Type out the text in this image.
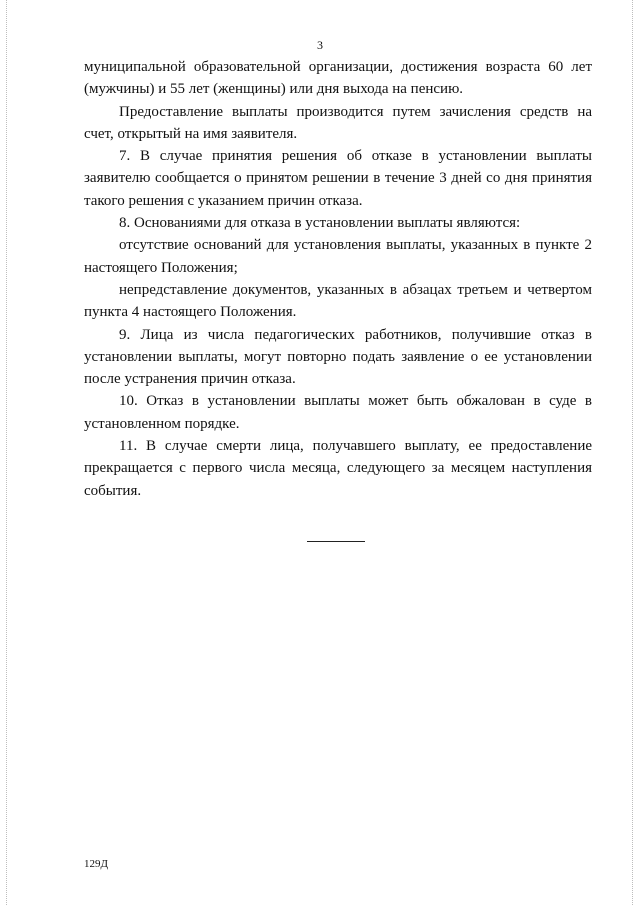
3

муниципальной образовательной организации, достижения возраста 60 лет (мужчины) и 55 лет (женщины) или дня выхода на пенсию.

Предоставление выплаты производится путем зачисления средств на счет, открытый на имя заявителя.

7. В случае принятия решения об отказе в установлении выплаты заявителю сообщается о принятом решении в течение 3 дней со дня принятия такого решения с указанием причин отказа.

8. Основаниями для отказа в установлении выплаты являются:

отсутствие оснований для установления выплаты, указанных в пункте 2 настоящего Положения;

непредставление документов, указанных в абзацах третьем и четвертом пункта 4 настоящего Положения.

9. Лица из числа педагогических работников, получившие отказ в установлении выплаты, могут повторно подать заявление о ее установлении после устранения причин отказа.

10. Отказ в установлении выплаты может быть обжалован в суде в установленном порядке.

11. В случае смерти лица, получавшего выплату, ее предоставление прекращается с первого числа месяца, следующего за месяцем наступления события.

129Д
